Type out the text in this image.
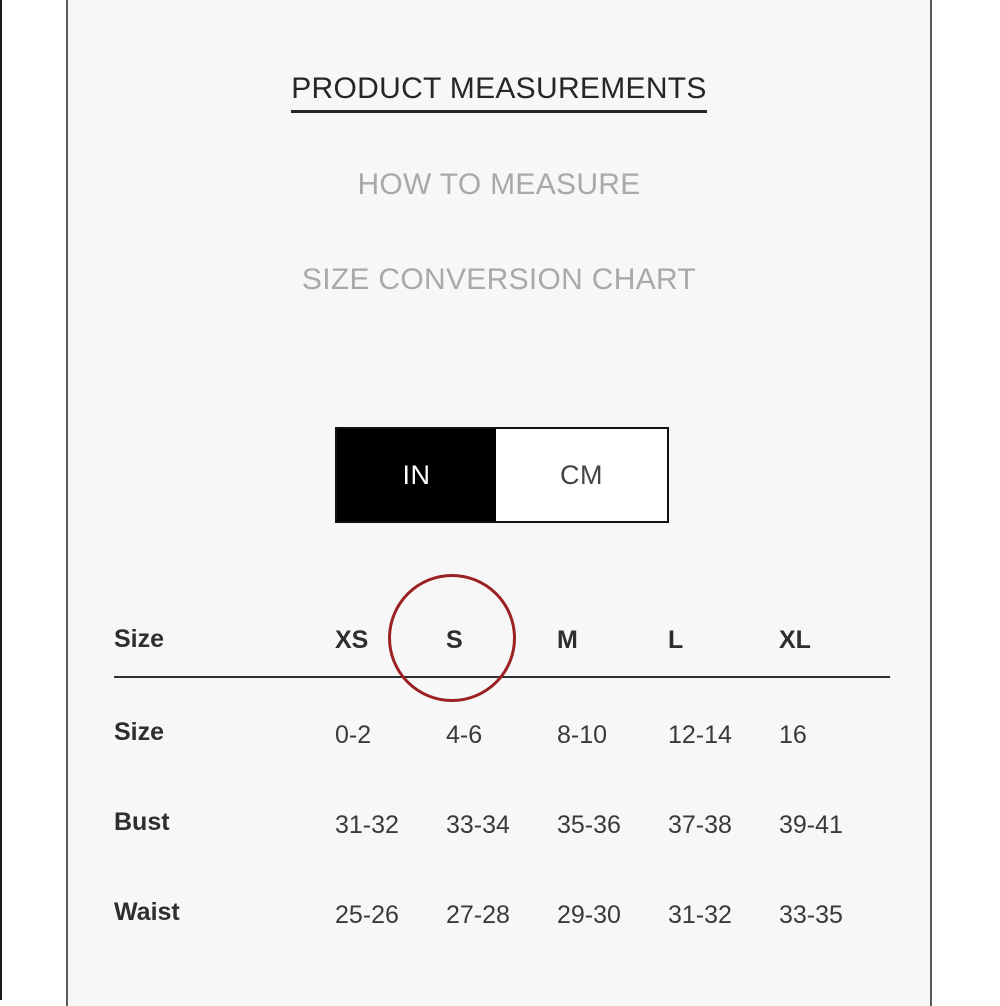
PRODUCT MEASUREMENTS
HOW TO MEASURE
SIZE CONVERSION CHART
IN	CM
Size	XS	S	M	L	XL
Size	0-2	4-6	8-10 12-14 16
Bust	31-32 33-34 35-36 37-38 39-41
Waist	25-26 27-28 29-30 31-32 33-35
